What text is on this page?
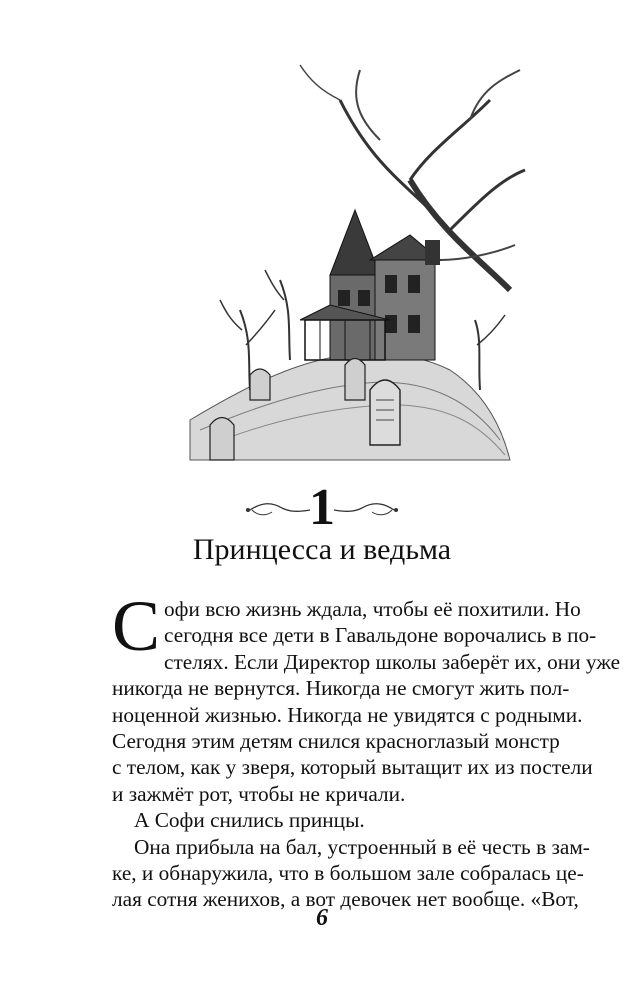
1
Принцесса и ведьма
С офи всю жизнь ждала, чтобы её похитили. Но
сегодня все дети в Гавальдоне ворочались в по-
стелях. Если Директор школы заберёт их, они уже
никогда не вернутся. Никогда не смогут жить пол-
ноценной жизнью. Никогда не увидятся с родными.
Сегодня этим детям снился красноглазый монстр
с телом, как у зверя, который вытащит их из постели
и зажмёт рот, чтобы не кричали.
А Софи снились принцы.
Она прибыла на бал, устроенный в её честь в зам-
ке, и обнаружила, что в большом зале собралась це-
лая сотня женихов, а вот девочек нет вообще. «Вот,
6
